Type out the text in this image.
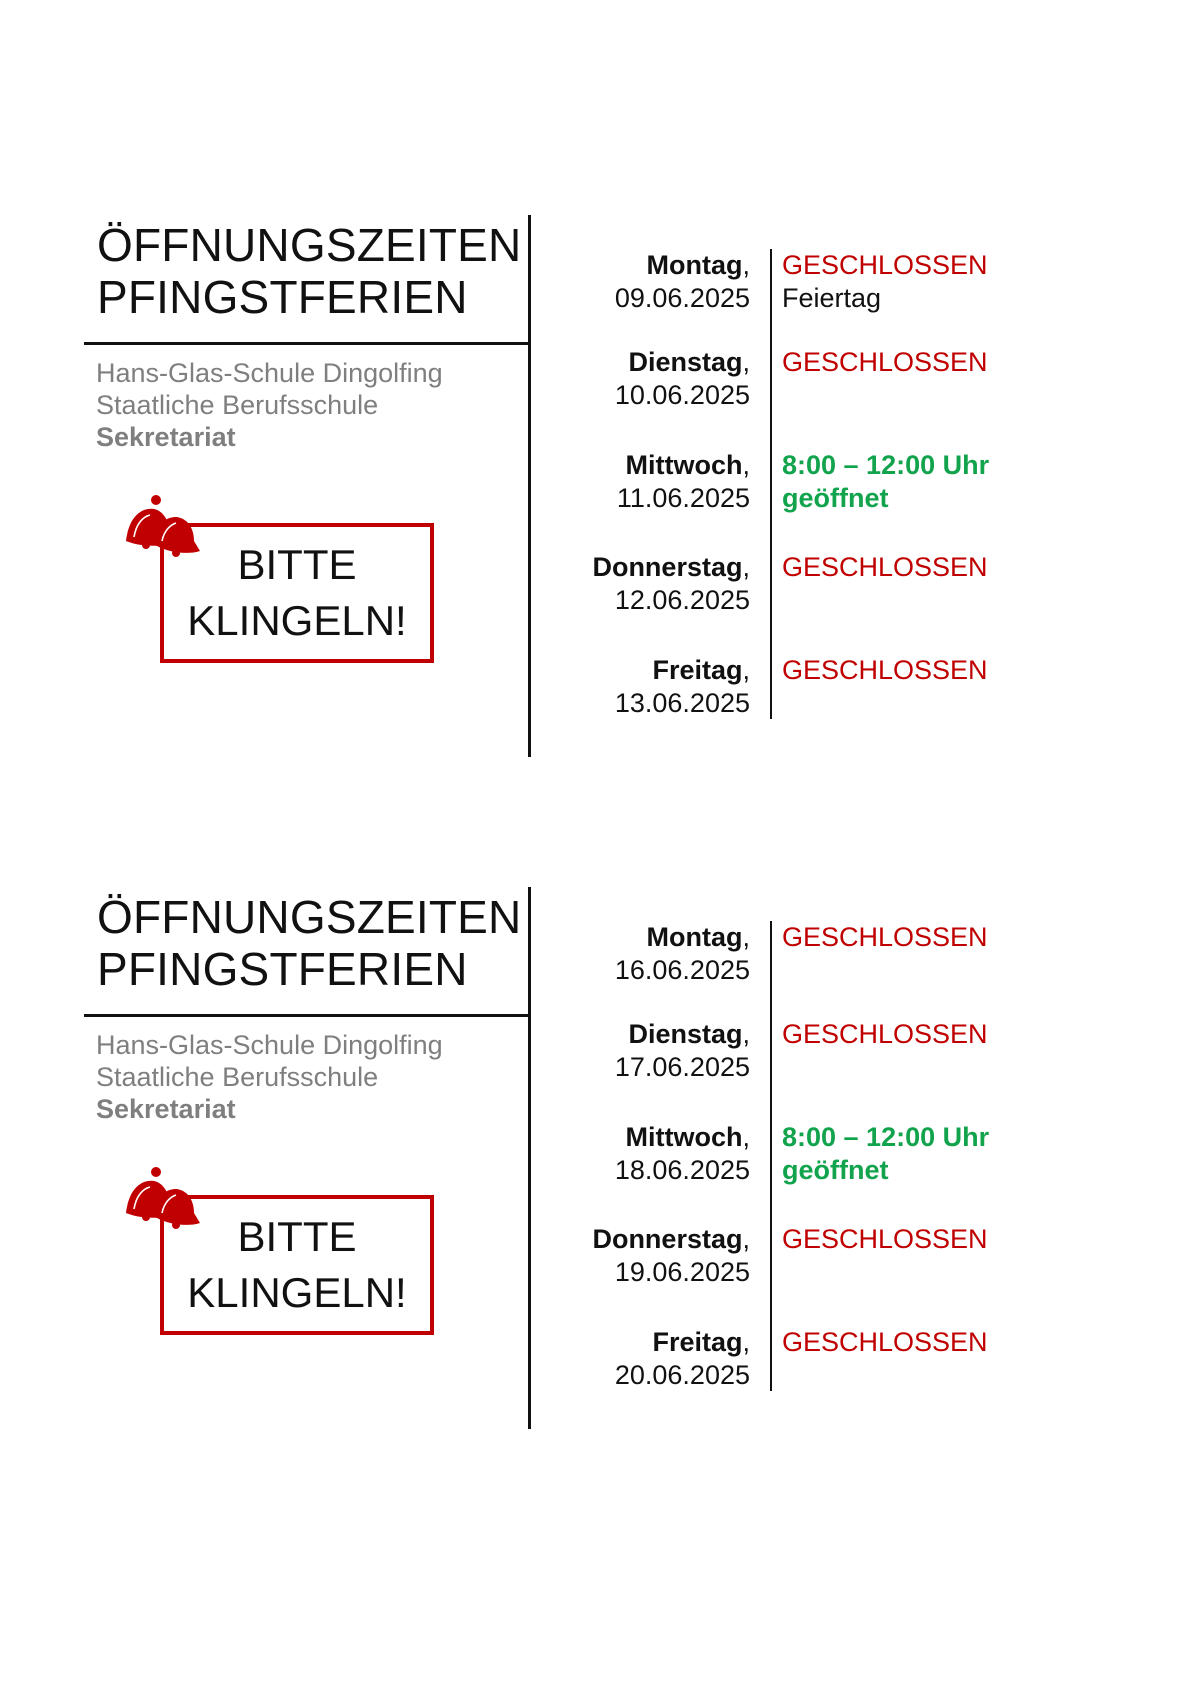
ÖFFNUNGSZEITEN
PFINGSTFERIEN
Hans-Glas-Schule Dingolfing
Staatliche Berufsschule
Sekretariat
BITTE
KLINGELN!
Montag,
09.06.2025
GESCHLOSSEN
Feiertag
Dienstag,
10.06.2025
GESCHLOSSEN
Mittwoch,
11.06.2025
8:00 – 12:00 Uhr
geöffnet
Donnerstag,
12.06.2025
GESCHLOSSEN
Freitag,
13.06.2025
GESCHLOSSEN
ÖFFNUNGSZEITEN
PFINGSTFERIEN
Hans-Glas-Schule Dingolfing
Staatliche Berufsschule
Sekretariat
BITTE
KLINGELN!
Montag,
16.06.2025
GESCHLOSSEN
Dienstag,
17.06.2025
GESCHLOSSEN
Mittwoch,
18.06.2025
8:00 – 12:00 Uhr
geöffnet
Donnerstag,
19.06.2025
GESCHLOSSEN
Freitag,
20.06.2025
GESCHLOSSEN
